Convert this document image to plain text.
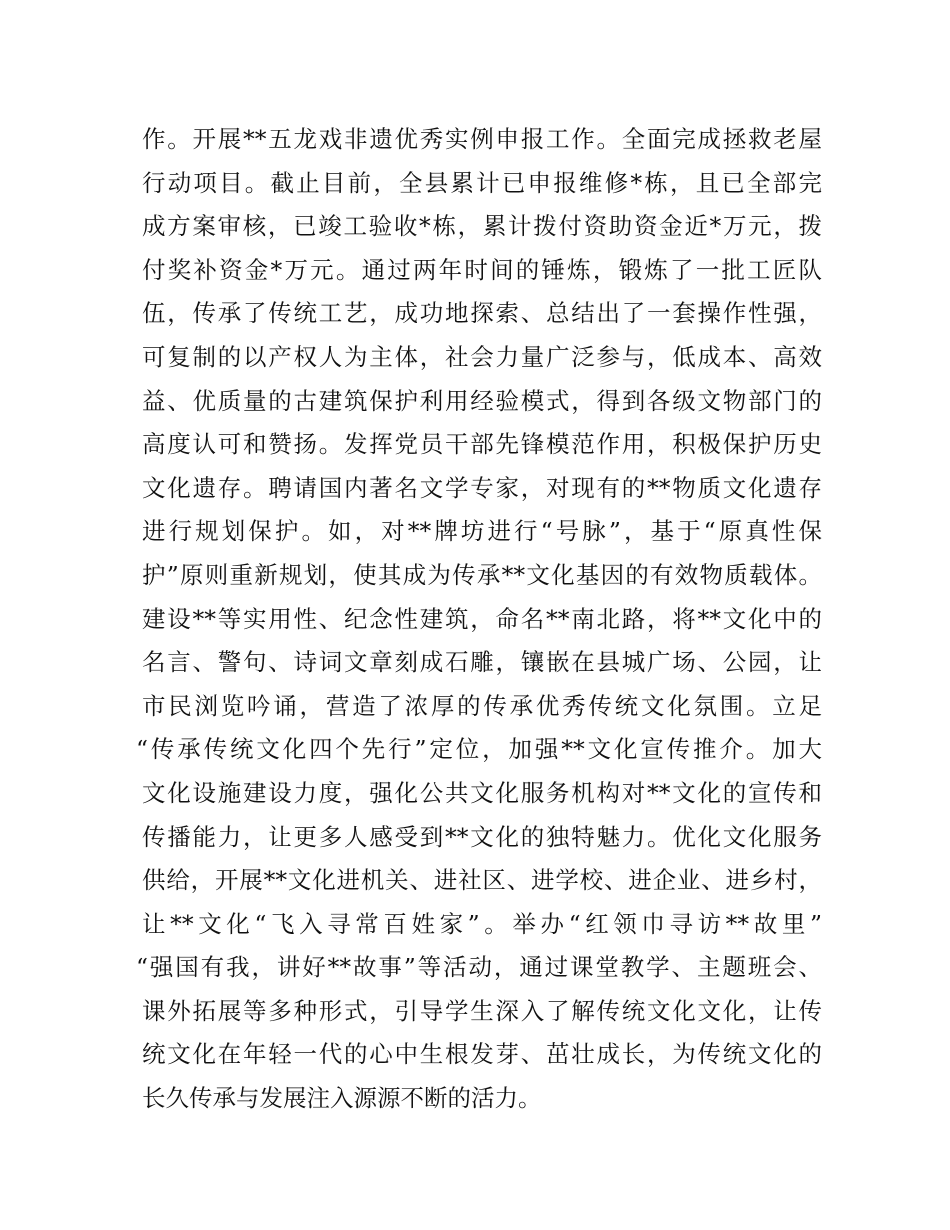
作。开展**五龙戏非遗优秀实例申报工作。全面完成拯救老屋
行动项目。截止目前，全县累计已申报维修*栋，且已全部完
成方案审核，已竣工验收*栋，累计拨付资助资金近*万元，拨
付奖补资金*万元。通过两年时间的锤炼，锻炼了一批工匠队
伍，传承了传统工艺，成功地探索、总结出了一套操作性强，
可复制的以产权人为主体，社会力量广泛参与，低成本、高效
益、优质量的古建筑保护利用经验模式，得到各级文物部门的
高度认可和赞扬。发挥党员干部先锋模范作用，积极保护历史
文化遗存。聘请国内著名文学专家，对现有的**物质文化遗存
进行规划保护。如，对**牌坊进行“号脉”，基于“原真性保
护”原则重新规划，使其成为传承**文化基因的有效物质载体。
建设**等实用性、纪念性建筑，命名**南北路，将**文化中的
名言、警句、诗词文章刻成石雕，镶嵌在县城广场、公园，让
市民浏览吟诵，营造了浓厚的传承优秀传统文化氛围。立足
“传承传统文化四个先行”定位，加强**文化宣传推介。加大
文化设施建设力度，强化公共文化服务机构对**文化的宣传和
传播能力，让更多人感受到**文化的独特魅力。优化文化服务
供给，开展**文化进机关、进社区、进学校、进企业、进乡村，
让**文化“飞入寻常百姓家”。举办“红领巾寻访**故里”
“强国有我，讲好**故事”等活动，通过课堂教学、主题班会、
课外拓展等多种形式，引导学生深入了解传统文化文化，让传
统文化在年轻一代的心中生根发芽、茁壮成长，为传统文化的
长久传承与发展注入源源不断的活力。
